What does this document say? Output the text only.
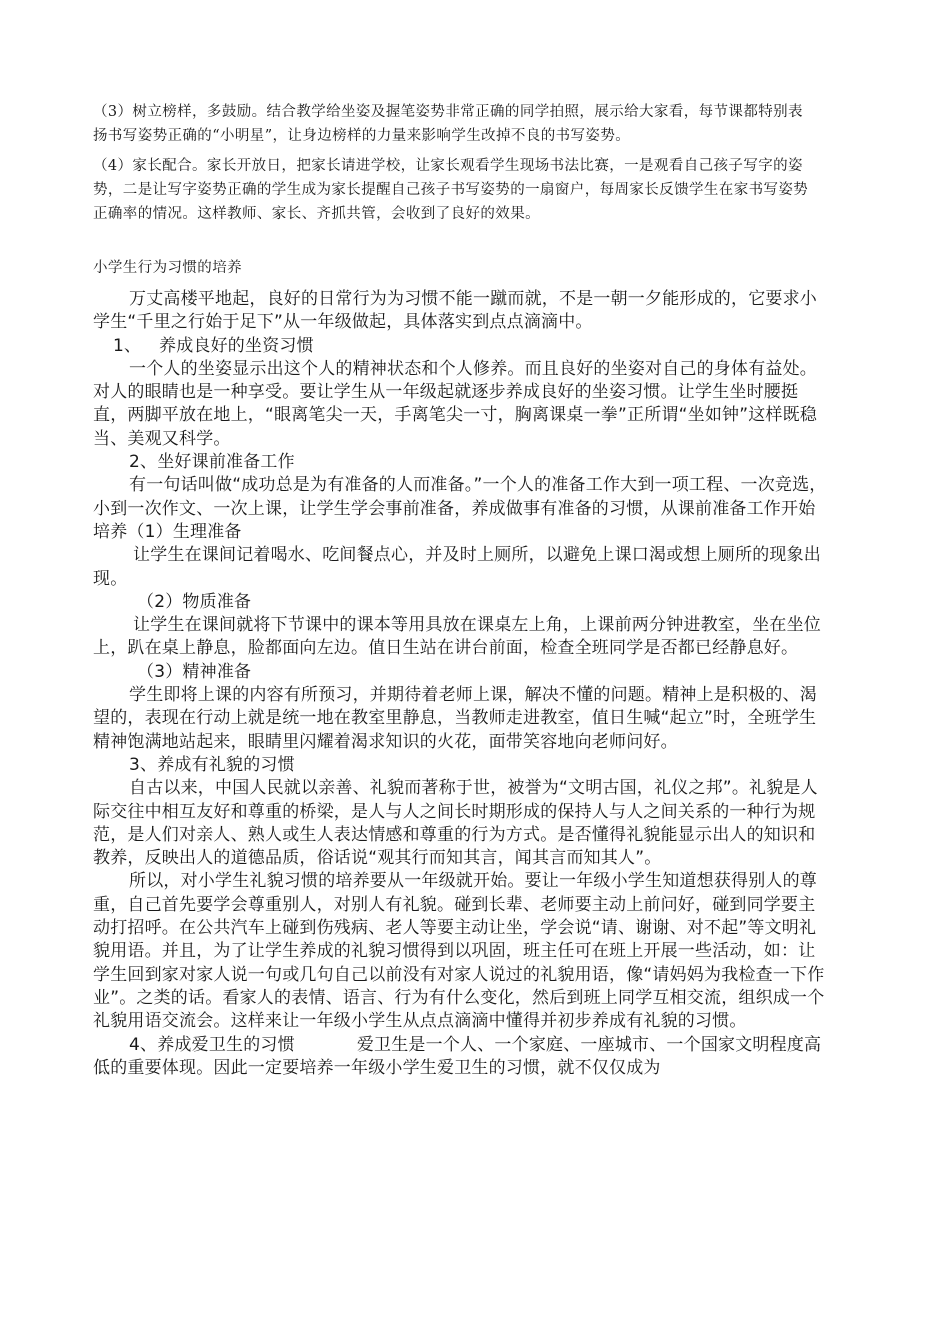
（3）树立榜样，多鼓励。结合教学给坐姿及握笔姿势非常正确的同学拍照，展示给大家看，每节课都特别表扬书写姿势正确的“小明星”，让身边榜样的力量来影响学生改掉不良的书写姿势。

（4）家长配合。家长开放日，把家长请进学校，让家长观看学生现场书法比赛，一是观看自己孩子写字的姿势，二是让写字姿势正确的学生成为家长提醒自己孩子书写姿势的一扇窗户，每周家长反馈学生在家书写姿势正确率的情况。这样教师、家长、齐抓共管，会收到了良好的效果。

小学生行为习惯的培养

万丈高楼平地起，良好的日常行为为习惯不能一蹴而就，不是一朝一夕能形成的，它要求小学生“千里之行始于足下”从一年级做起，具体落实到点点滴滴中。

1、 养成良好的坐资习惯

一个人的坐姿显示出这个人的精神状态和个人修养。而且良好的坐姿对自己的身体有益处。对人的眼睛也是一种享受。要让学生从一年级起就逐步养成良好的坐姿习惯。让学生坐时腰挺直，两脚平放在地上，“眼离笔尖一天，手离笔尖一寸，胸离课桌一拳”正所谓“坐如钟”这样既稳当、美观又科学。

2、坐好课前准备工作

有一句话叫做“成功总是为有准备的人而准备。”一个人的准备工作大到一项工程、一次竞选，小到一次作文、一次上课，让学生学会事前准备，养成做事有准备的习惯，从课前准备工作开始培养（1）生理准备

让学生在课间记着喝水、吃间餐点心，并及时上厕所，以避免上课口渴或想上厕所的现象出现。

（2）物质准备

让学生在课间就将下节课中的课本等用具放在课桌左上角，上课前两分钟进教室，坐在坐位上，趴在桌上静息，脸都面向左边。值日生站在讲台前面，检查全班同学是否都已经静息好。

（3）精神准备

学生即将上课的内容有所预习，并期待着老师上课，解决不懂的问题。精神上是积极的、渴望的，表现在行动上就是统一地在教室里静息，当教师走进教室，值日生喊“起立”时，全班学生精神饱满地站起来，眼睛里闪耀着渴求知识的火花，面带笑容地向老师问好。

3、养成有礼貌的习惯

自古以来，中国人民就以亲善、礼貌而著称于世，被誉为“文明古国，礼仪之邦”。礼貌是人际交往中相互友好和尊重的桥梁，是人与人之间长时期形成的保持人与人之间关系的一种行为规范，是人们对亲人、熟人或生人表达情感和尊重的行为方式。是否懂得礼貌能显示出人的知识和教养，反映出人的道德品质，俗话说“观其行而知其言，闻其言而知其人”。

所以，对小学生礼貌习惯的培养要从一年级就开始。要让一年级小学生知道想获得别人的尊重，自己首先要学会尊重别人，对别人有礼貌。碰到长辈、老师要主动上前问好，碰到同学要主动打招呼。在公共汽车上碰到伤残病、老人等要主动让坐，学会说“请、谢谢、对不起”等文明礼貌用语。并且，为了让学生养成的礼貌习惯得到以巩固，班主任可在班上开展一些活动，如：让学生回到家对家人说一句或几句自己以前没有对家人说过的礼貌用语，像“请妈妈为我检查一下作业”。之类的话。看家人的表情、语言、行为有什么变化，然后到班上同学互相交流，组织成一个礼貌用语交流会。这样来让一年级小学生从点点滴滴中懂得并初步养成有礼貌的习惯。

4、养成爱卫生的习惯	爱卫生是一个人、一个家庭、一座城市、一个国家文明程度高低的重要体现。因此一定要培养一年级小学生爱卫生的习惯，就不仅仅成为
